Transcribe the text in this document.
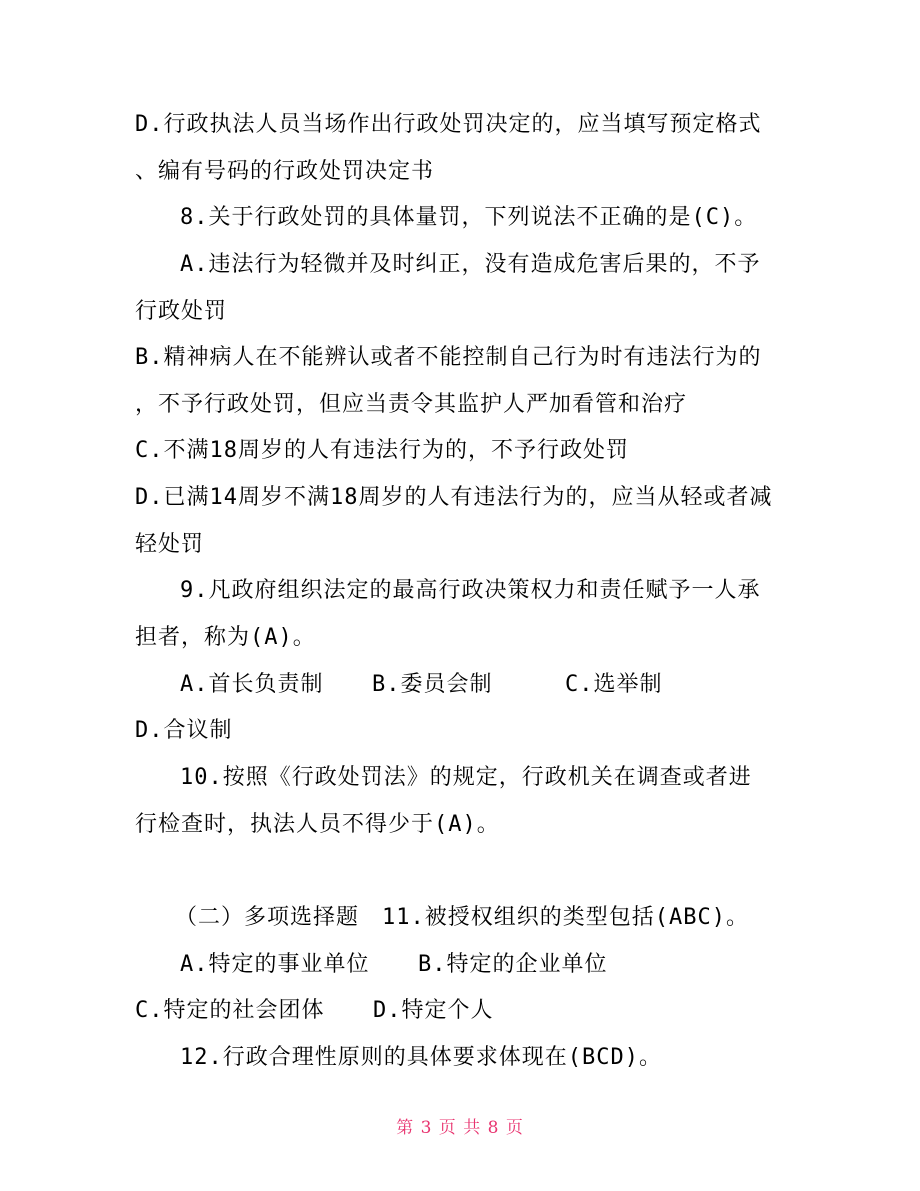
D.行政执法人员当场作出行政处罚决定的，应当填写预定格式
、编有号码的行政处罚决定书
8.关于行政处罚的具体量罚，下列说法不正确的是(C)。
A.违法行为轻微并及时纠正，没有造成危害后果的，不予
行政处罚
B.精神病人在不能辨认或者不能控制自己行为时有违法行为的
，不予行政处罚，但应当责令其监护人严加看管和治疗
C.不满18周岁的人有违法行为的，不予行政处罚
D.已满14周岁不满18周岁的人有违法行为的，应当从轻或者减
轻处罚
9.凡政府组织法定的最高行政决策权力和责任赋予一人承
担者，称为(A)。
A.首长负责制 B.委员会制	C.选举制
D.合议制
10.按照《行政处罚法》的规定，行政机关在调查或者进
行检查时，执法人员不得少于(A)。
（二）多项选择题　11.被授权组织的类型包括(ABC)。
A.特定的事业单位 B.特定的企业单位
C.特定的社会团体 D.特定个人
12.行政合理性原则的具体要求体现在(BCD)。
第 3 页 共 8 页
